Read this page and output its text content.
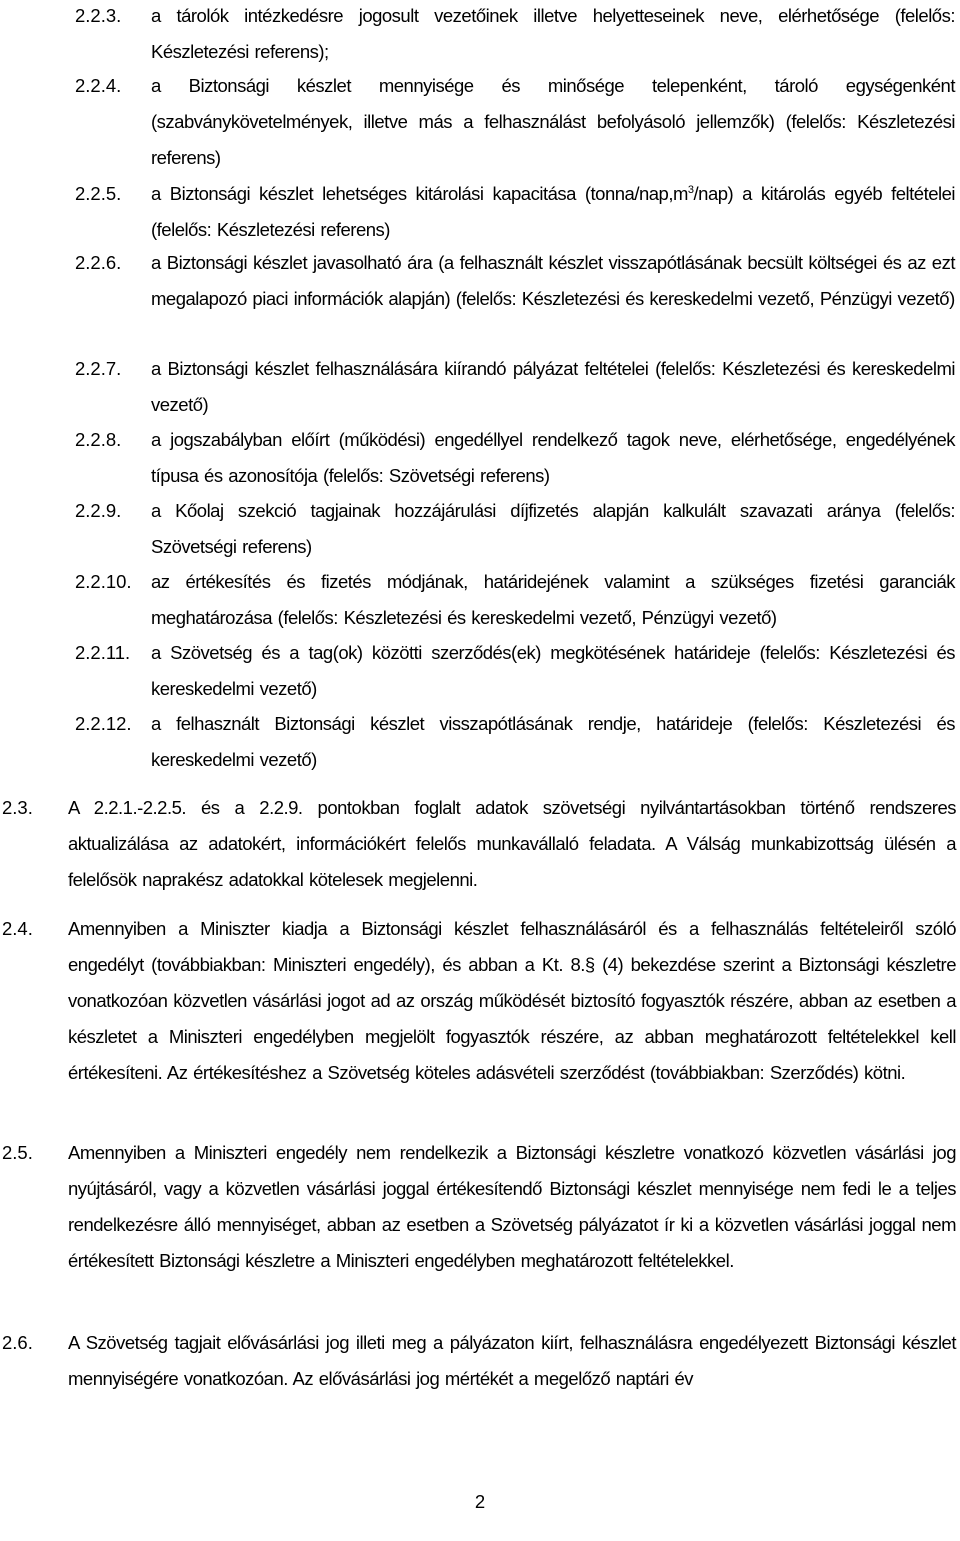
2.2.3.	a tárolók intézkedésre jogosult vezetőinek illetve helyetteseinek neve, elérhetősége (felelős: Készletezési referens);
2.2.4.	a Biztonsági készlet mennyisége és minősége telepenként, tároló egységenként (szabványkövetelmények, illetve más a felhasználást befolyásoló jellemzők) (felelős: Készletezési referens)
2.2.5.	a Biztonsági készlet lehetséges kitárolási kapacitása $(tonna/nap,m^3/nap)$ a kitárolás egyéb feltételei (felelős: Készletezési referens)
2.2.6.	a Biztonsági készlet javasolható ára (a felhasznált készlet visszapótlásának becsült költségei és az ezt megalapozó piaci információk alapján) (felelős: Készletezési és kereskedelmi vezető, Pénzügyi vezető)
2.2.7.	a Biztonsági készlet felhasználására kiírandó pályázat feltételei (felelős: Készletezési és kereskedelmi vezető)
2.2.8.	a jogszabályban előírt (működési) engedéllyel rendelkező tagok neve, elérhetősége, engedélyének típusa és azonosítója (felelős: Szövetségi referens)
2.2.9.	a Kőolaj szekció tagjainak hozzájárulási díjfizetés alapján kalkulált szavazati aránya (felelős: Szövetségi referens)
2.2.10.	az értékesítés és fizetés módjának, határidejének valamint a szükséges fizetési garanciák meghatározása (felelős: Készletezési és kereskedelmi vezető, Pénzügyi vezető)
2.2.11.	a Szövetség és a tag(ok) közötti szerződés(ek) megkötésének határideje (felelős: Készletezési és kereskedelmi vezető)
2.2.12.	a felhasznált Biztonsági készlet visszapótlásának rendje, határideje (felelős: Készletezési és kereskedelmi vezető)
2.3.	A 2.2.1.-2.2.5. és a 2.2.9. pontokban foglalt adatok szövetségi nyilvántartásokban történő rendszeres aktualizálása az adatokért, információkért felelős munkavállaló feladata. A Válság munkabizottság ülésén a felelősök naprakész adatokkal kötelesek megjelenni.
2.4.	Amennyiben a Miniszter kiadja a Biztonsági készlet felhasználásáról és a felhasználás feltételeiről szóló engedélyt (továbbiakban: Miniszteri engedély), és abban a Kt. 8.§ (4) bekezdése szerint a Biztonsági készletre vonatkozóan közvetlen vásárlási jogot ad az ország működését biztosító fogyasztók részére, abban az esetben a készletet a Miniszteri engedélyben megjelölt fogyasztók részére, az abban meghatározott feltételekkel kell értékesíteni. Az értékesítéshez a Szövetség köteles adásvételi szerződést (továbbiakban: Szerződés) kötni.
2.5.	Amennyiben a Miniszteri engedély nem rendelkezik a Biztonsági készletre vonatkozó közvetlen vásárlási jog nyújtásáról, vagy a közvetlen vásárlási joggal értékesítendő Biztonsági készlet mennyisége nem fedi le a teljes rendelkezésre álló mennyiséget, abban az esetben a Szövetség pályázatot ír ki a közvetlen vásárlási joggal nem értékesített Biztonsági készletre a Miniszteri engedélyben meghatározott feltételekkel.
2.6.	A Szövetség tagjait elővásárlási jog illeti meg a pályázaton kiírt, felhasználásra engedélyezett Biztonsági készlet mennyiségére vonatkozóan. Az elővásárlási jog mértékét a megelőző naptári év
2
